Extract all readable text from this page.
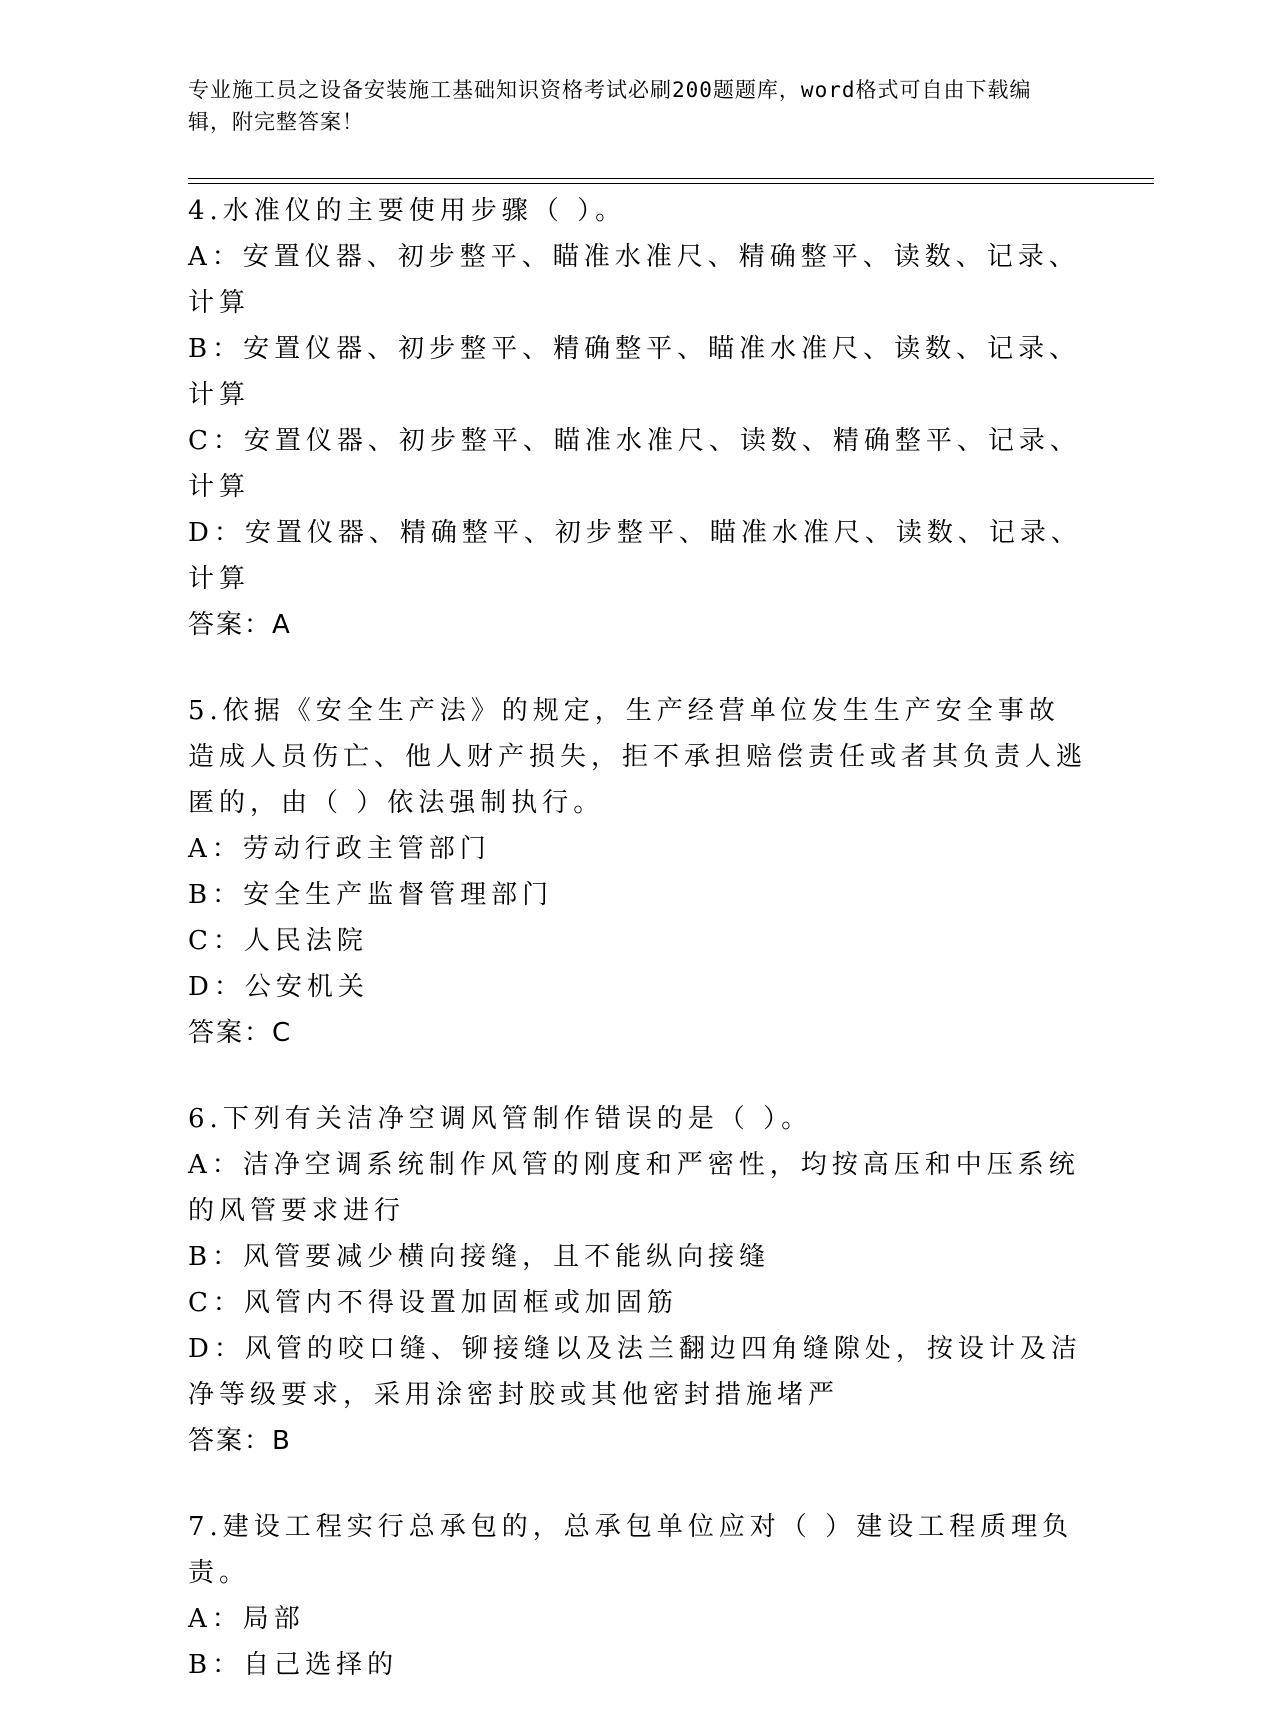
专业施工员之设备安装施工基础知识资格考试必刷200题题库，word格式可自由下载编辑，附完整答案！
4.水准仪的主要使用步骤（ ）。
A：安置仪器、初步整平、瞄准水准尺、精确整平、读数、记录、计算
B：安置仪器、初步整平、精确整平、瞄准水准尺、读数、记录、计算
C：安置仪器、初步整平、瞄准水准尺、读数、精确整平、记录、计算
D：安置仪器、精确整平、初步整平、瞄准水准尺、读数、记录、计算
答案：A
5.依据《安全生产法》的规定，生产经营单位发生生产安全事故造成人员伤亡、他人财产损失，拒不承担赔偿责任或者其负责人逃匿的，由（ ）依法强制执行。
A：劳动行政主管部门
B：安全生产监督管理部门
C：人民法院
D：公安机关
答案：C
6.下列有关洁净空调风管制作错误的是（ ）。
A：洁净空调系统制作风管的刚度和严密性，均按高压和中压系统的风管要求进行
B：风管要减少横向接缝，且不能纵向接缝
C：风管内不得设置加固框或加固筋
D：风管的咬口缝、铆接缝以及法兰翻边四角缝隙处，按设计及洁净等级要求，采用涂密封胶或其他密封措施堵严
答案：B
7.建设工程实行总承包的，总承包单位应对（ ）建设工程质理负责。
A：局部
B：自己选择的
